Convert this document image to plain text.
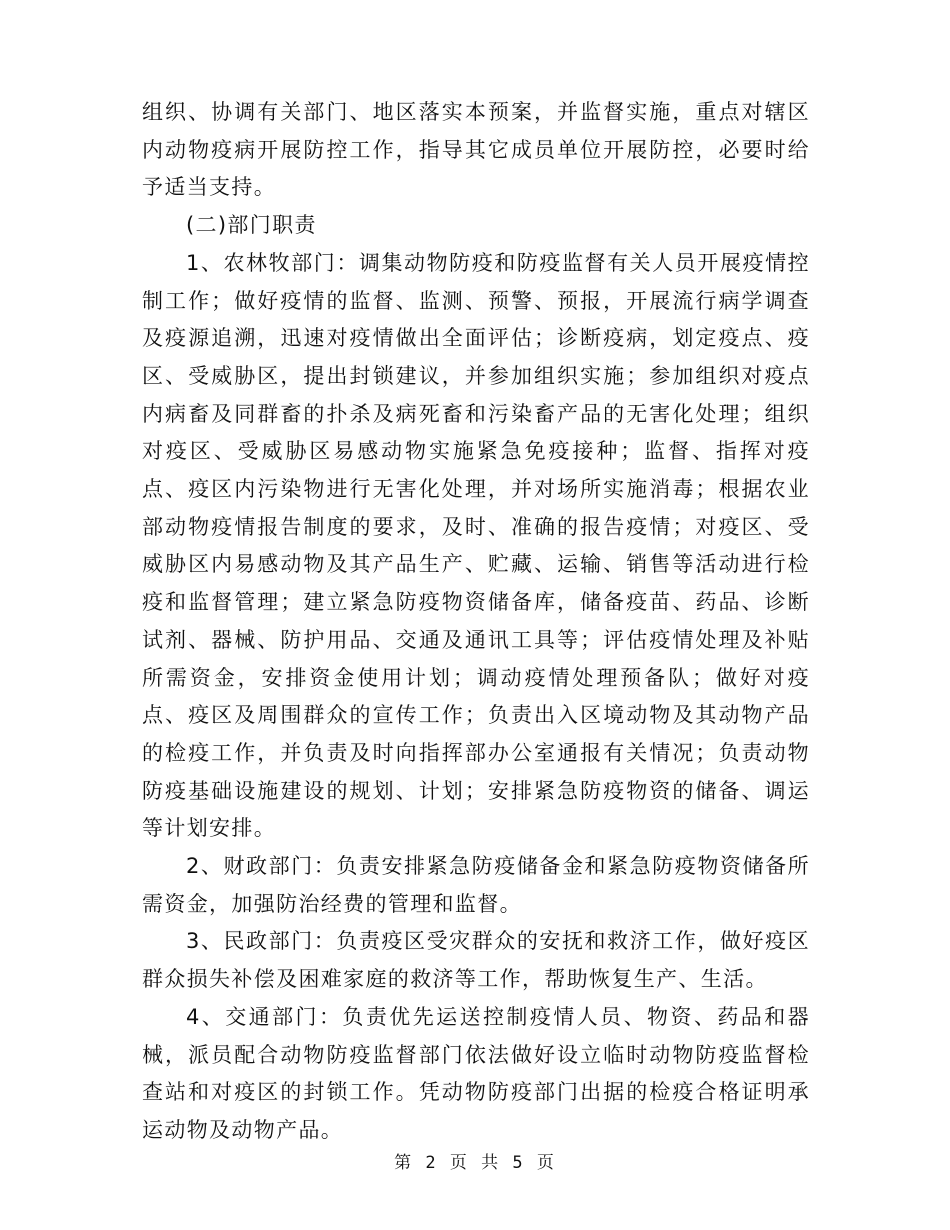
组织、协调有关部门、地区落实本预案，并监督实施，重点对辖区内动物疫病开展防控工作，指导其它成员单位开展防控，必要时给予适当支持。

(二)部门职责

1、农林牧部门：调集动物防疫和防疫监督有关人员开展疫情控制工作；做好疫情的监督、监测、预警、预报，开展流行病学调查及疫源追溯，迅速对疫情做出全面评估；诊断疫病，划定疫点、疫区、受威胁区，提出封锁建议，并参加组织实施；参加组织对疫点内病畜及同群畜的扑杀及病死畜和污染畜产品的无害化处理；组织对疫区、受威胁区易感动物实施紧急免疫接种；监督、指挥对疫点、疫区内污染物进行无害化处理，并对场所实施消毒；根据农业部动物疫情报告制度的要求，及时、准确的报告疫情；对疫区、受威胁区内易感动物及其产品生产、贮藏、运输、销售等活动进行检疫和监督管理；建立紧急防疫物资储备库，储备疫苗、药品、诊断试剂、器械、防护用品、交通及通讯工具等；评估疫情处理及补贴所需资金，安排资金使用计划；调动疫情处理预备队；做好对疫点、疫区及周围群众的宣传工作；负责出入区境动物及其动物产品的检疫工作，并负责及时向指挥部办公室通报有关情况；负责动物防疫基础设施建设的规划、计划；安排紧急防疫物资的储备、调运等计划安排。

2、财政部门：负责安排紧急防疫储备金和紧急防疫物资储备所需资金，加强防治经费的管理和监督。

3、民政部门：负责疫区受灾群众的安抚和救济工作，做好疫区群众损失补偿及困难家庭的救济等工作，帮助恢复生产、生活。

4、交通部门：负责优先运送控制疫情人员、物资、药品和器械，派员配合动物防疫监督部门依法做好设立临时动物防疫监督检查站和对疫区的封锁工作。凭动物防疫部门出据的检疫合格证明承运动物及动物产品。

第 2 页 共 5 页
